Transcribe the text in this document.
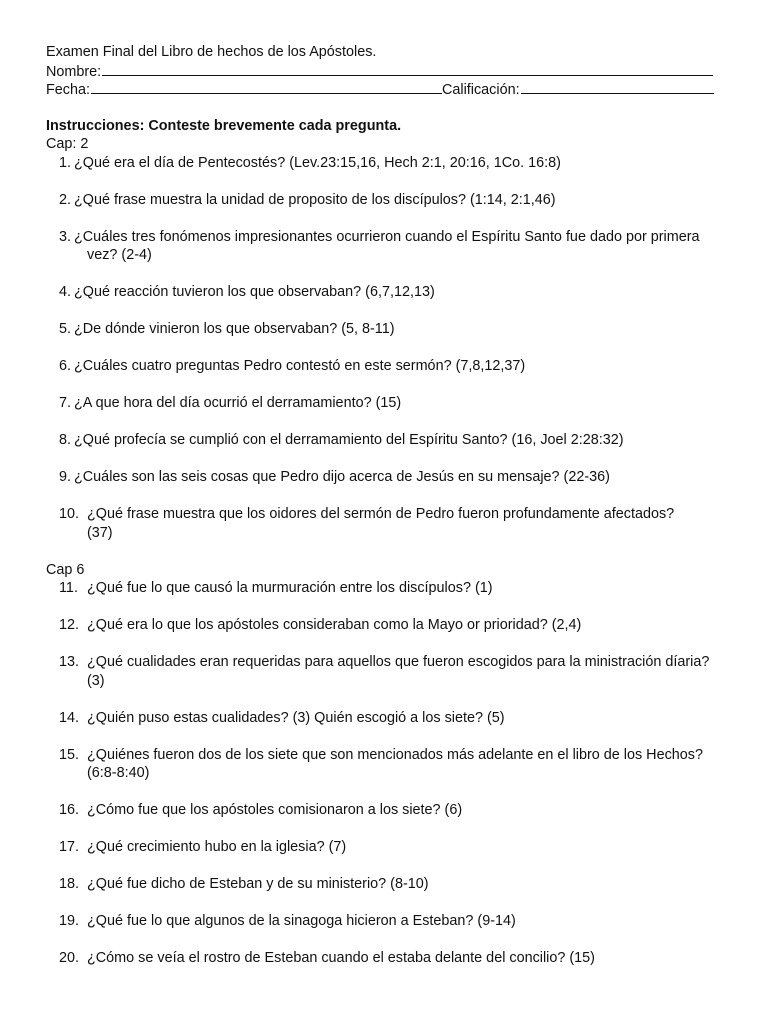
Examen Final del Libro de hechos de los Apóstoles.
Nombre:
Fecha:	Calificación:
Instrucciones: Conteste brevemente cada pregunta.
Cap: 2
1. ¿Qué era el día de Pentecostés? (Lev.23:15,16, Hech 2:1, 20:16, 1Co. 16:8)
2. ¿Qué frase muestra la unidad de proposito de los discípulos? (1:14, 2:1,46)
3. ¿Cuáles tres fonómenos impresionantes ocurrieron cuando el Espíritu Santo fue dado por primera
vez? (2-4)
4. ¿Qué reacción tuvieron los que observaban? (6,7,12,13)
5. ¿De dónde vinieron los que observaban? (5, 8-11)
6. ¿Cuáles cuatro preguntas Pedro contestó en este sermón? (7,8,12,37)
7. ¿A que hora del día ocurrió el derramamiento? (15)
8. ¿Qué profecía se cumplió con el derramamiento del Espíritu Santo? (16, Joel 2:28:32)
9. ¿Cuáles son las seis cosas que Pedro dijo acerca de Jesús en su mensaje? (22-36)
10. ¿Qué frase muestra que los oidores del sermón de Pedro fueron profundamente afectados?
(37)
Cap 6
11. ¿Qué fue lo que causó la murmuración entre los discípulos? (1)
12. ¿Qué era lo que los apóstoles consideraban como la Mayo or prioridad? (2,4)
13. ¿Qué cualidades eran requeridas para aquellos que fueron escogidos para la ministración díaria?
(3)
14. ¿Quién puso estas cualidades? (3) Quién escogió a los siete? (5)
15. ¿Quiénes fueron dos de los siete que son mencionados más adelante en el libro de los Hechos?
(6:8-8:40)
16. ¿Cómo fue que los apóstoles comisionaron a los siete? (6)
17. ¿Qué crecimiento hubo en la iglesia? (7)
18. ¿Qué fue dicho de Esteban y de su ministerio? (8-10)
19. ¿Qué fue lo que algunos de la sinagoga hicieron a Esteban? (9-14)
20. ¿Cómo se veía el rostro de Esteban cuando el estaba delante del concilio? (15)
